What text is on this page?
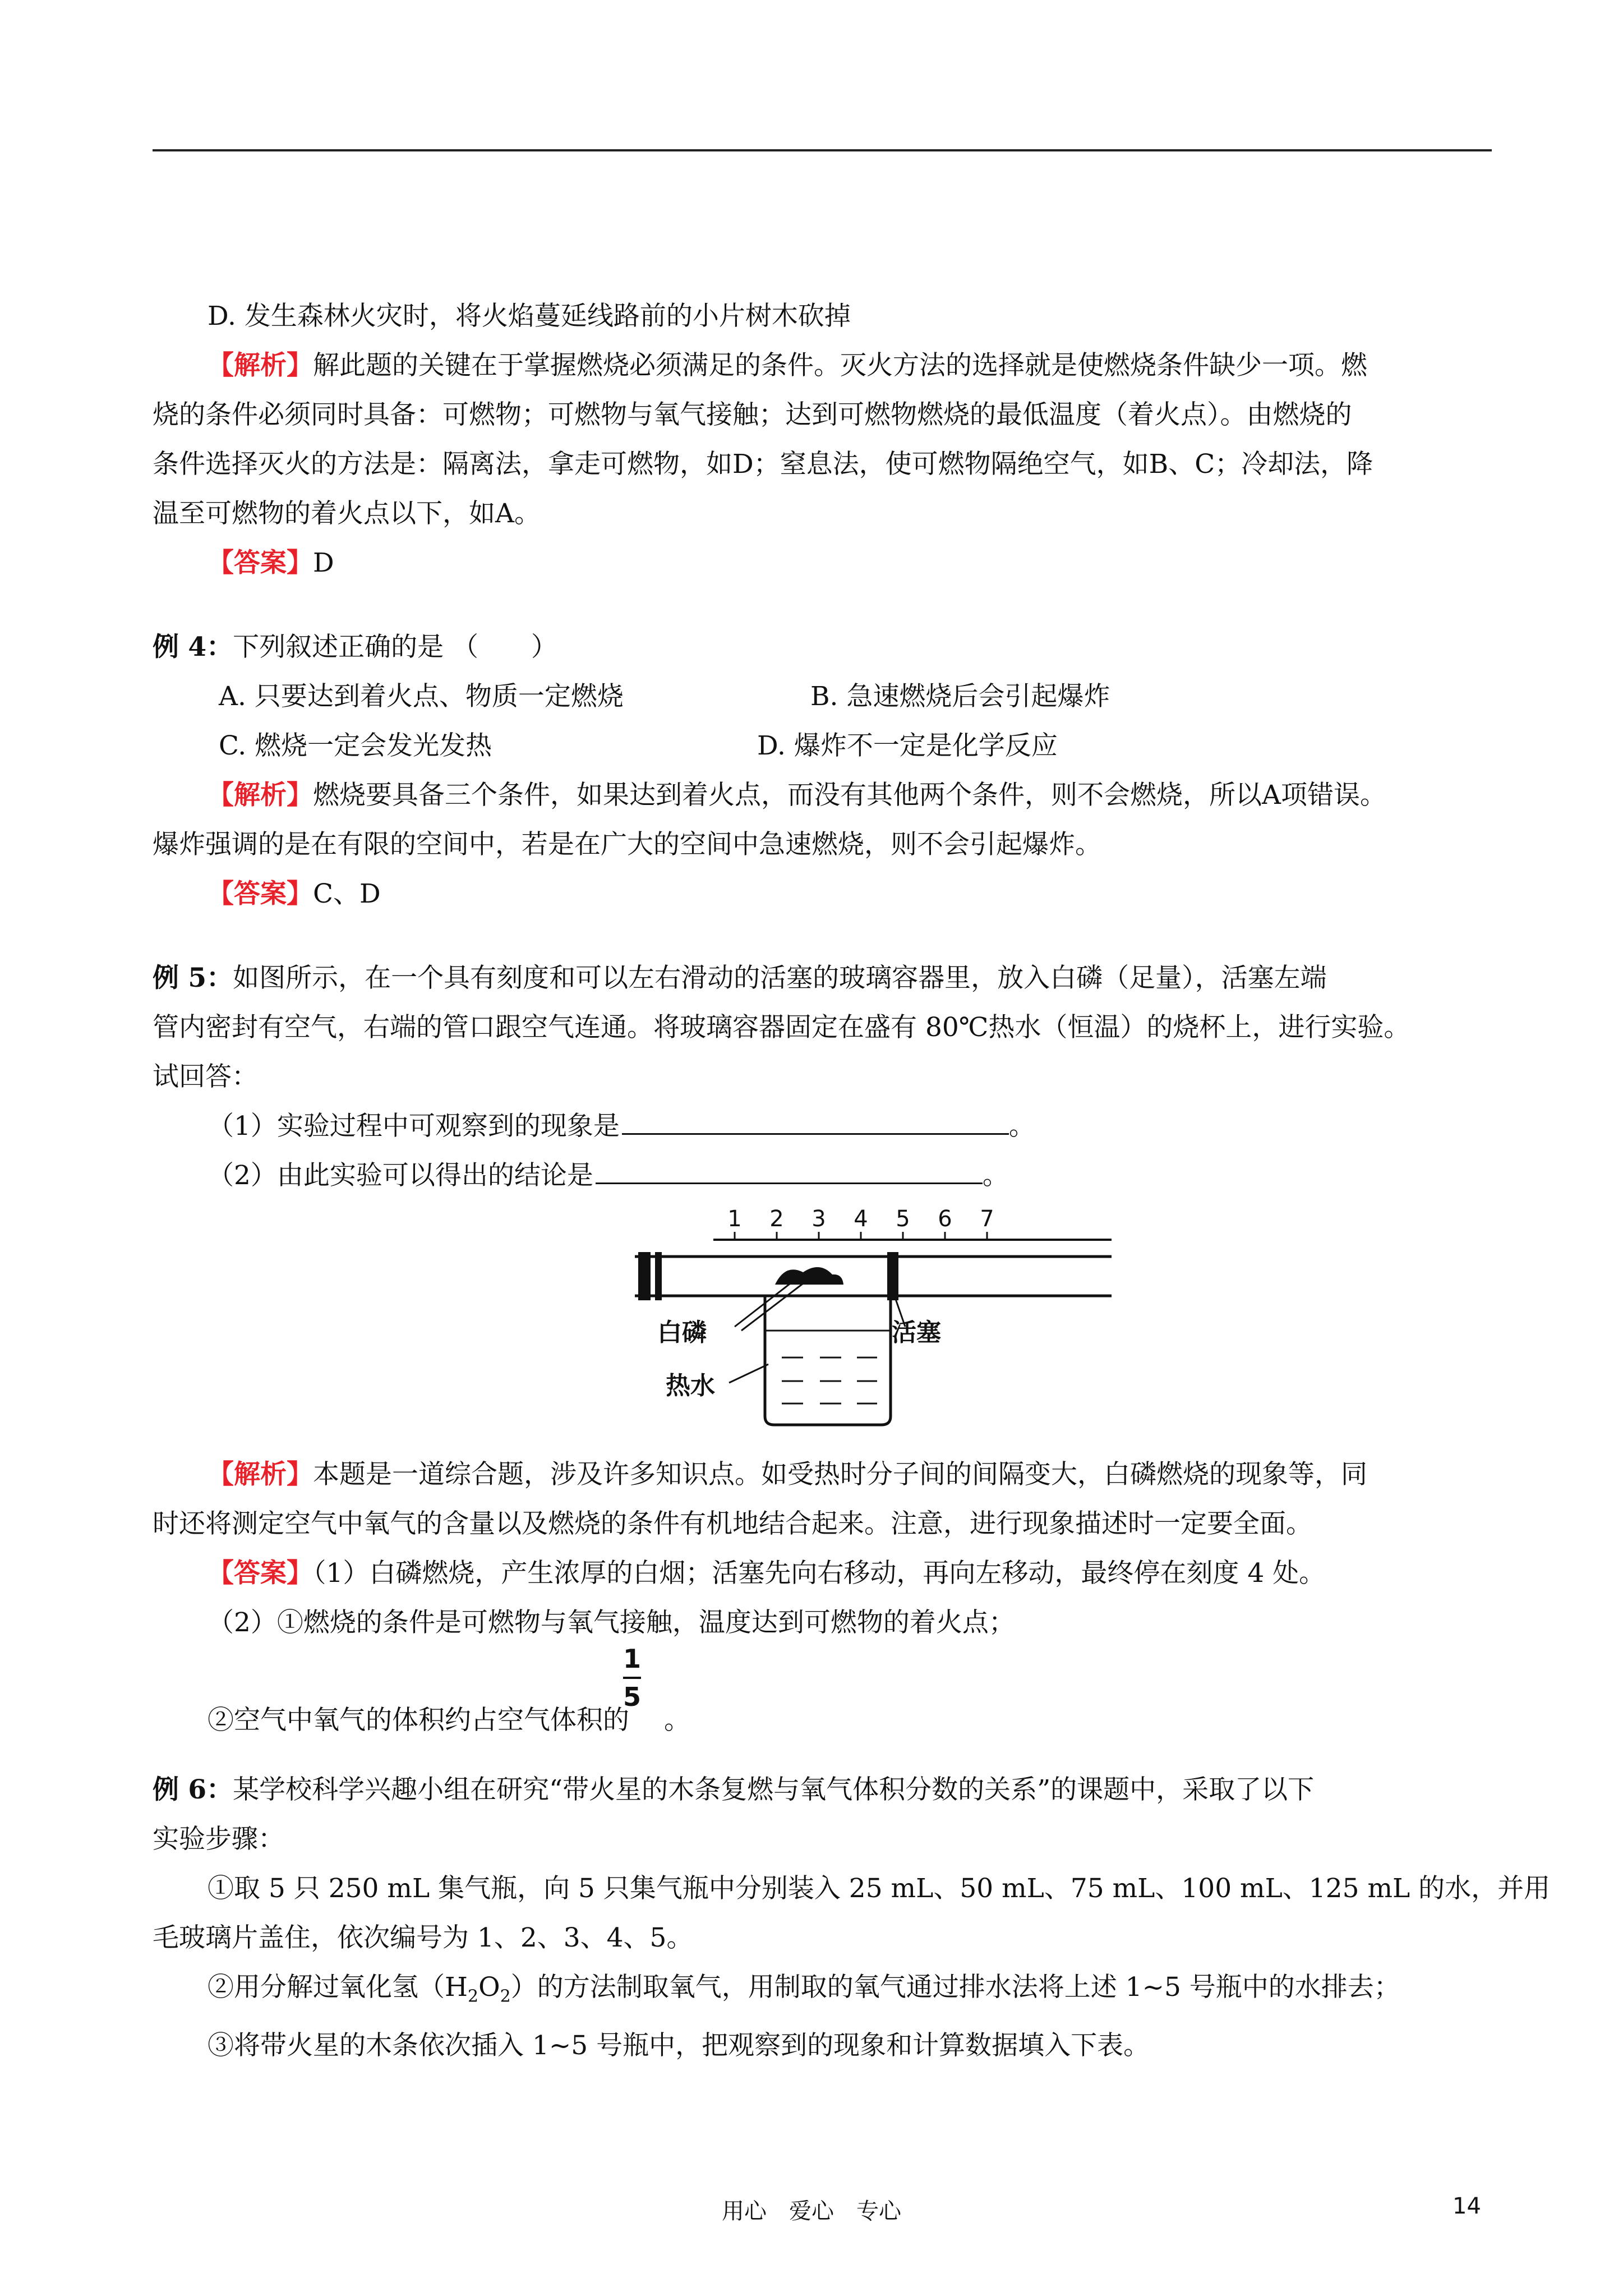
D. 发生森林火灾时，将火焰蔓延线路前的小片树木砍掉
【解析】解此题的关键在于掌握燃烧必须满足的条件。灭火方法的选择就是使燃烧条件缺少一项。燃
烧的条件必须同时具备：可燃物；可燃物与氧气接触；达到可燃物燃烧的最低温度（着火点）。由燃烧的
条件选择灭火的方法是：隔离法，拿走可燃物，如D；窒息法，使可燃物隔绝空气，如B、C；冷却法，降
温至可燃物的着火点以下，如A。
【答案】D
例 4：下列叙述正确的是 （　　）
A. 只要达到着火点、物质一定燃烧	B. 急速燃烧后会引起爆炸
C. 燃烧一定会发光发热	D. 爆炸不一定是化学反应
【解析】燃烧要具备三个条件，如果达到着火点，而没有其他两个条件，则不会燃烧，所以A项错误。
爆炸强调的是在有限的空间中，若是在广大的空间中急速燃烧，则不会引起爆炸。
【答案】C、D
例 5：如图所示，在一个具有刻度和可以左右滑动的活塞的玻璃容器里，放入白磷（足量），活塞左端
管内密封有空气，右端的管口跟空气连通。将玻璃容器固定在盛有 80℃热水（恒温）的烧杯上，进行实验。
试回答：
（1）实验过程中可观察到的现象是	。
（2）由此实验可以得出的结论是	。
1 2 3 4 5 6 7
白磷	活塞
热水
【解析】本题是一道综合题，涉及许多知识点。如受热时分子间的间隔变大，白磷燃烧的现象等，同
时还将测定空气中氧气的含量以及燃烧的条件有机地结合起来。注意，进行现象描述时一定要全面。
【答案】（1）白磷燃烧，产生浓厚的白烟；活塞先向右移动，再向左移动，最终停在刻度 4 处。
（2）①燃烧的条件是可燃物与氧气接触，温度达到可燃物的着火点；
②空气中氧气的体积约占空气体积的
1
5
。
例 6：某学校科学兴趣小组在研究“带火星的木条复燃与氧气体积分数的关系”的课题中，采取了以下
实验步骤：
①取 5 只 250 mL 集气瓶，向 5 只集气瓶中分别装入 25 mL、50 mL、75 mL、100 mL、125 mL 的水，并用
毛玻璃片盖住，依次编号为 1、2、3、4、5。
②用分解过氧化氢$(H_2O_2)$的方法制取氧气，用制取的氧气通过排水法将上述 1~5 号瓶中的水排去；
③将带火星的木条依次插入 1~5 号瓶中，把观察到的现象和计算数据填入下表。
用心　爱心　专心	14
